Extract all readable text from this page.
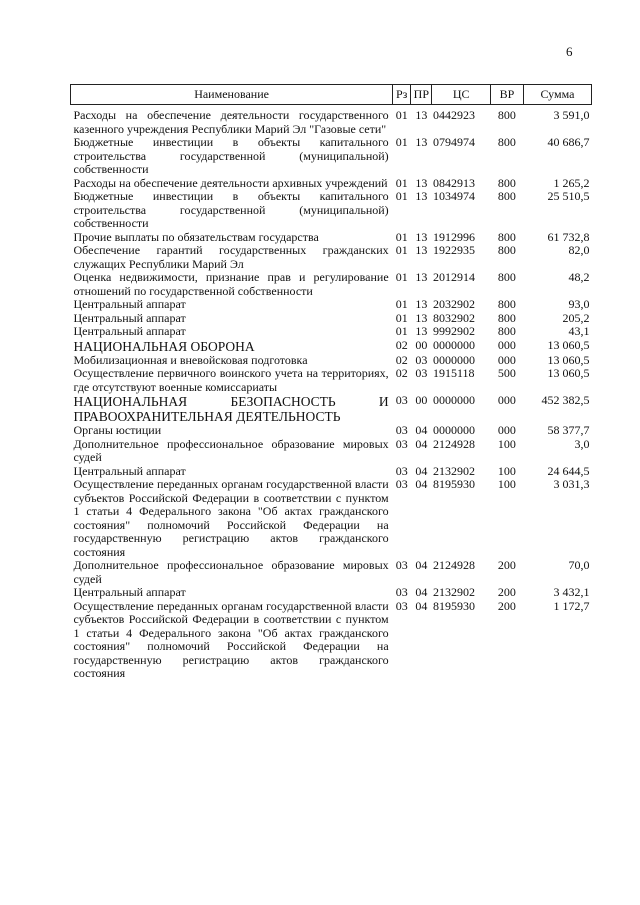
6
Наименование	Рз	ПР	ЦС	ВР	Сумма
Расходы на обеспечение деятельности государственного казенного учреждения Республики Марий Эл "Газовые сети"	01	13	0442923	800	3 591,0
Бюджетные инвестиции в объекты капитального строительства государственной (муниципальной) собственности	01	13	0794974	800	40 686,7
Расходы на обеспечение деятельности архивных учреждений	01	13	0842913	800	1 265,2
Бюджетные инвестиции в объекты капитального строительства государственной (муниципальной) собственности	01	13	1034974	800	25 510,5
Прочие выплаты по обязательствам государства	01	13	1912996	800	61 732,8
Обеспечение гарантий государственных гражданских служащих Республики Марий Эл	01	13	1922935	800	82,0
Оценка недвижимости, признание прав и регулирование отношений по государственной собственности	01	13	2012914	800	48,2
Центральный аппарат	01	13	2032902	800	93,0
Центральный аппарат	01	13	8032902	800	205,2
Центральный аппарат	01	13	9992902	800	43,1
НАЦИОНАЛЬНАЯ ОБОРОНА	02	00	0000000	000	13 060,5
Мобилизационная и вневойсковая подготовка	02	03	0000000	000	13 060,5
Осуществление первичного воинского учета на территориях, где отсутствуют военные комиссариаты	02	03	1915118	500	13 060,5
НАЦИОНАЛЬНАЯ БЕЗОПАСНОСТЬ И ПРАВООХРАНИТЕЛЬНАЯ ДЕЯТЕЛЬНОСТЬ	03	00	0000000	000	452 382,5
Органы юстиции	03	04	0000000	000	58 377,7
Дополнительное профессиональное образование мировых судей	03	04	2124928	100	3,0
Центральный аппарат	03	04	2132902	100	24 644,5
Осуществление переданных органам государственной власти субъектов Российской Федерации в соответствии с пунктом 1 статьи 4 Федерального закона "Об актах гражданского состояния" полномочий Российской Федерации на государственную регистрацию актов гражданского состояния	03	04	8195930	100	3 031,3
Дополнительное профессиональное образование мировых судей	03	04	2124928	200	70,0
Центральный аппарат	03	04	2132902	200	3 432,1
Осуществление переданных органам государственной власти субъектов Российской Федерации в соответствии с пунктом 1 статьи 4 Федерального закона "Об актах гражданского состояния" полномочий Российской Федерации на государственную регистрацию актов гражданского состояния	03	04	8195930	200	1 172,7
